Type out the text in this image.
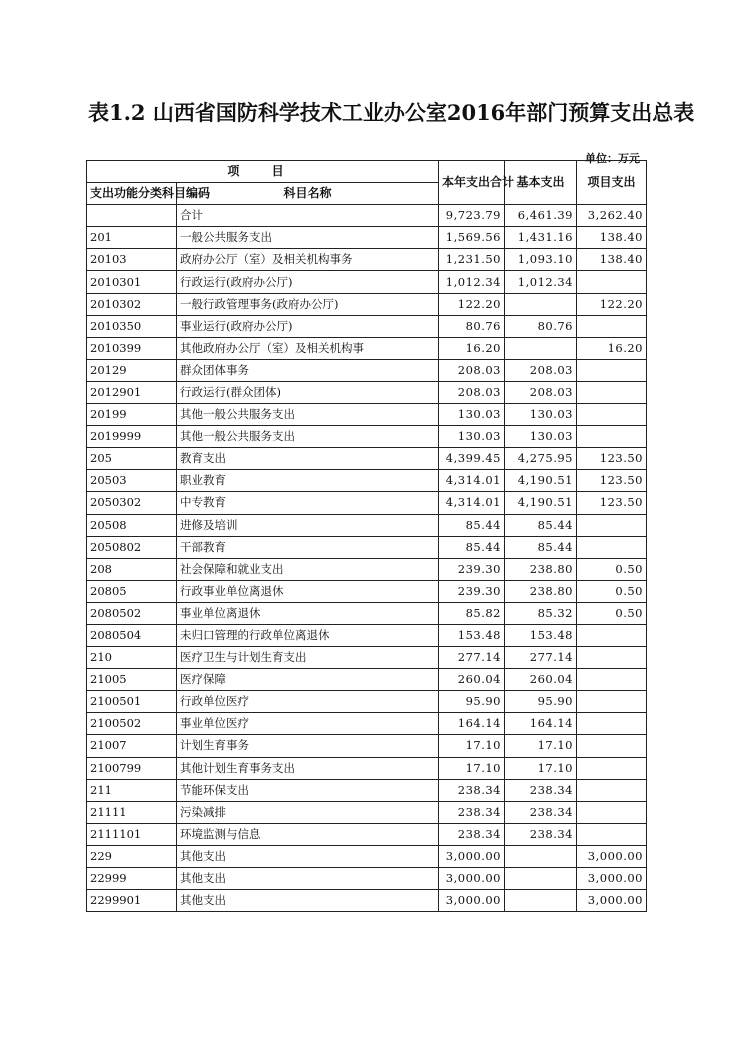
表1.2 山西省国防科学技术工业办公室2016年部门预算支出总表
单位：万元
项 目		本年支出合计	基本支出	项目支出
支出功能分类科目编码	科目名称			
	合计	9,723.79	6,461.39	3,262.40
201	一般公共服务支出	1,569.56	1,431.16	138.40
20103	政府办公厅（室）及相关机构事务	1,231.50	1,093.10	138.40
2010301	行政运行(政府办公厅)	1,012.34	1,012.34	
2010302	一般行政管理事务(政府办公厅)	122.20		122.20
2010350	事业运行(政府办公厅)	80.76	80.76	
2010399	其他政府办公厅（室）及相关机构事	16.20		16.20
20129	群众团体事务	208.03	208.03	
2012901	行政运行(群众团体)	208.03	208.03	
20199	其他一般公共服务支出	130.03	130.03	
2019999	其他一般公共服务支出	130.03	130.03	
205	教育支出	4,399.45	4,275.95	123.50
20503	职业教育	4,314.01	4,190.51	123.50
2050302	中专教育	4,314.01	4,190.51	123.50
20508	进修及培训	85.44	85.44	
2050802	干部教育	85.44	85.44	
208	社会保障和就业支出	239.30	238.80	0.50
20805	行政事业单位离退休	239.30	238.80	0.50
2080502	事业单位离退休	85.82	85.32	0.50
2080504	未归口管理的行政单位离退休	153.48	153.48	
210	医疗卫生与计划生育支出	277.14	277.14	
21005	医疗保障	260.04	260.04	
2100501	行政单位医疗	95.90	95.90	
2100502	事业单位医疗	164.14	164.14	
21007	计划生育事务	17.10	17.10	
2100799	其他计划生育事务支出	17.10	17.10	
211	节能环保支出	238.34	238.34	
21111	污染减排	238.34	238.34	
2111101	环境监测与信息	238.34	238.34	
229	其他支出	3,000.00		3,000.00
22999	其他支出	3,000.00		3,000.00
2299901	其他支出	3,000.00		3,000.00
